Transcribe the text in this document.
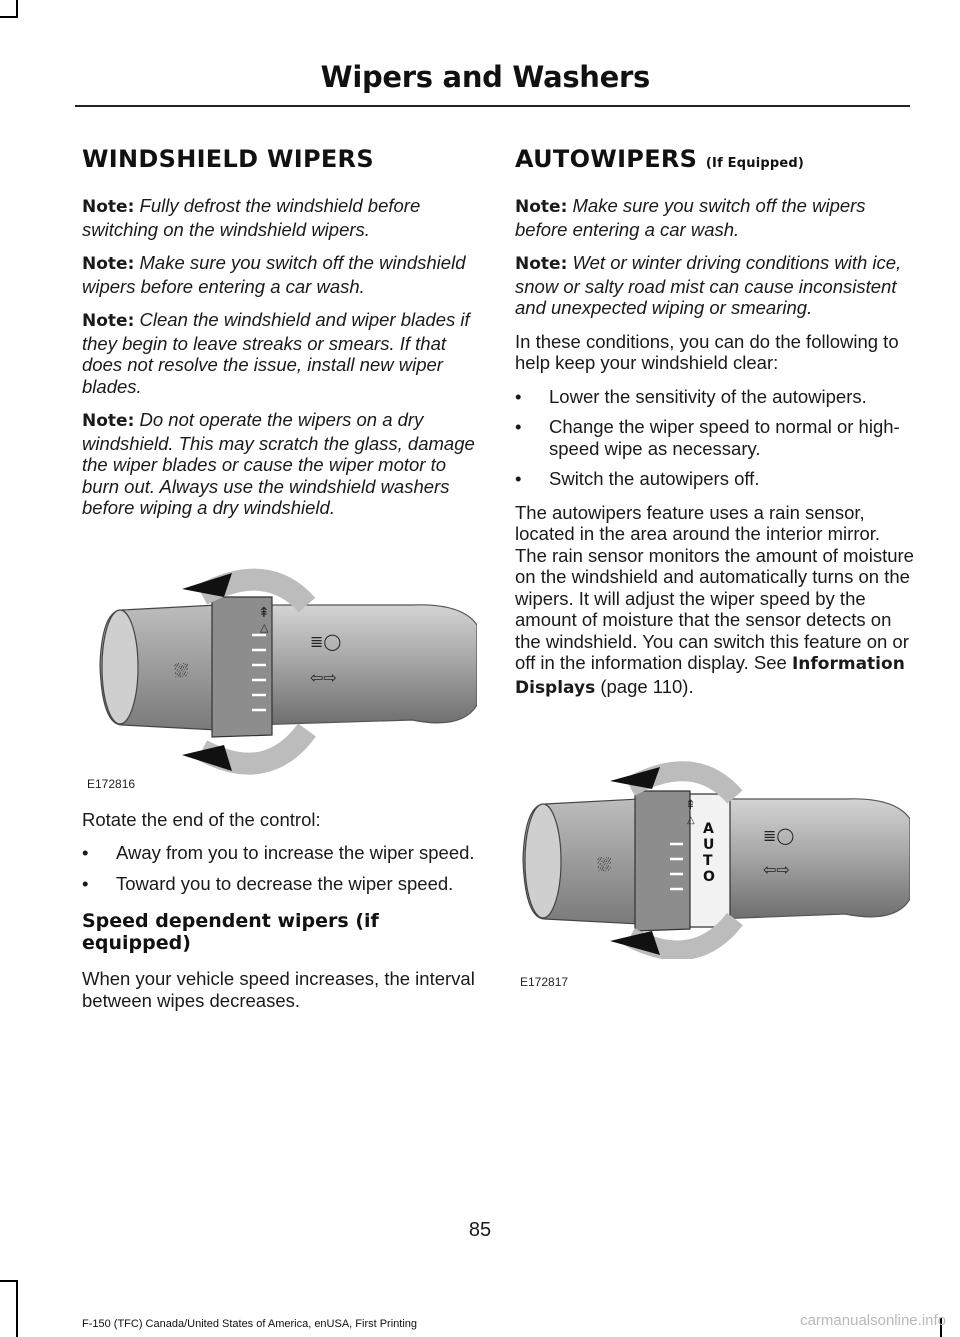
Wipers and Washers
WINDSHIELD WIPERS

Note: Fully defrost the windshield before switching on the windshield wipers.

Note: Make sure you switch off the windshield wipers before entering a car wash.

Note: Clean the windshield and wiper blades if they begin to leave streaks or smears. If that does not resolve the issue, install new wiper blades.

Note: Do not operate the wipers on a dry windshield. This may scratch the glass, damage the wiper blades or cause the wiper motor to burn out. Always use the windshield washers before wiping a dry windshield.

⇞
△
⛆
≣◯
⇦⇨
E172816

Rotate the end of the control:

• Away from you to increase the wiper speed.
• Toward you to decrease the wiper speed.
Speed dependent wipers (if equipped)

When your vehicle speed increases, the interval between wipes decreases.

AUTOWIPERS (If Equipped)

Note: Make sure you switch off the wipers before entering a car wash.

Note: Wet or winter driving conditions with ice, snow or salty road mist can cause inconsistent and unexpected wiping or smearing.

In these conditions, you can do the following to help keep your windshield clear:

• Lower the sensitivity of the autowipers.
• Change the wiper speed to normal or high-speed wipe as necessary.
• Switch the autowipers off.

The autowipers feature uses a rain sensor, located in the area around the interior mirror. The rain sensor monitors the amount of moisture on the windshield and automatically turns on the wipers. It will adjust the wiper speed by the amount of moisture that the sensor detects on the windshield. You can switch this feature on or off in the information display. See Information Displays (page 110).

⇞
△
⛆
≣◯
⇦⇨
AUTO
E172817
85
F-150 (TFC) Canada/United States of America, enUSA, First Printing	carmanualsonline.info
